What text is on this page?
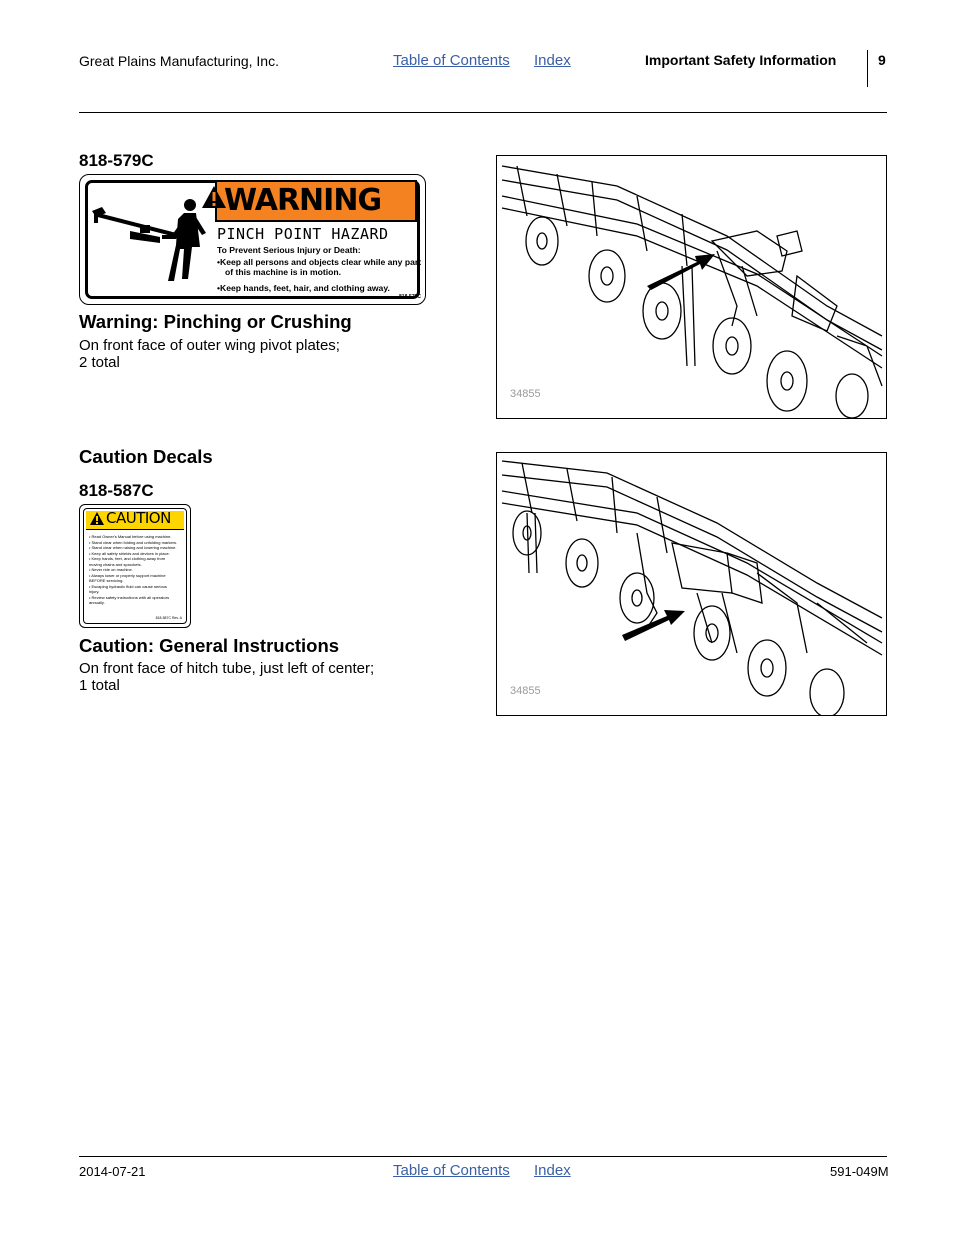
Great Plains Manufacturing, Inc.	Table of Contents Index	Important Safety Information	9
818-579C
WARNING
PINCH POINT HAZARD
To Prevent Serious Injury or Death:
•Keep all persons and objects clear while any part
of this machine is in motion.
•Keep hands, feet, hair, and clothing away.
818-579C
Warning: Pinching or Crushing
On front face of outer wing pivot plates;
2 total
34855
Caution Decals
818-587C
CAUTION
• Read Owner's Manual before using machine.
• Stand clear when folding and unfolding markers.
• Stand clear when raising and lowering machine.
• Keep all safety shields and devices in place.
• Keep hands, feet, and clothing away from
moving chains and sprockets.
• Never ride on machine.
• Always lower or properly support machine
BEFORE servicing.
• Escaping hydraulic fluid can cause serious
injury.
• Review safety instructions with all operators
annually.
818-587C Rev. A
Caution: General Instructions
On front face of hitch tube, just left of center;
1 total	34855
2014-07-21	Table of Contents Index	591-049M
